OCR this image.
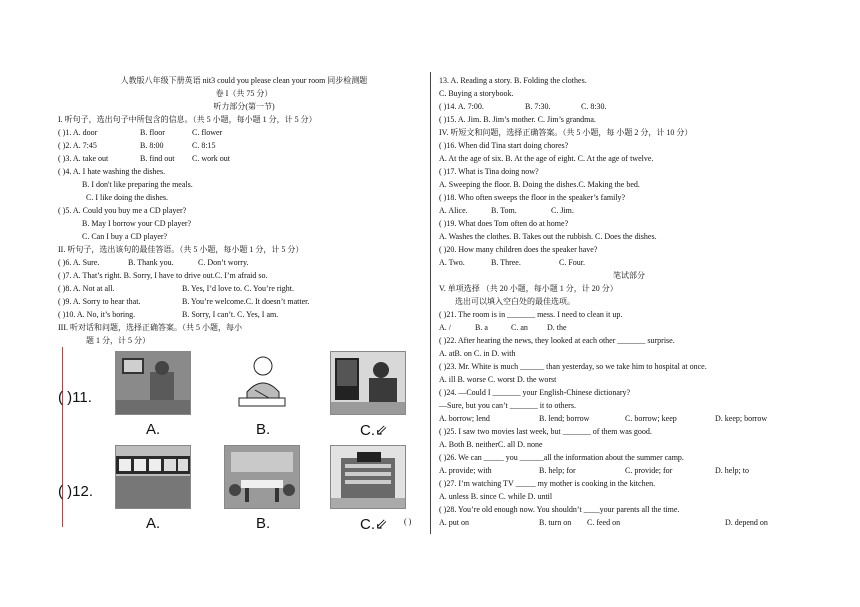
人教版八年级下册英语 nit3 could you please clean your room 同步检测题
卷 I（共 75 分）
听力部分(第一节)
I. 听句子，选出句子中所包含的信息。（共 5 小题，每小题 1 分，计 5 分）
( )1. A. door	B. floor	C. flower
( )2. A. 7:45	B. 8:00	C. 8:15
( )3. A. take out	B. find out C. work out
( )4. A. I hate washing the dishes.
B. I don't like preparing the meals.
C. I like doing the dishes.
( )5. A. Could you buy me a CD player?
B. May I borrow your CD player?
C. Can I buy a CD player?
II. 听句子，选出该句的最佳答语。（共 5 小题，每小题 1 分，计 5 分）
( )6. A. Sure.	B. Thank you.	C. Don’t worry.
( )7. A. That’s right. B. Sorry, I have to drive out.C. I’m afraid so.
( )8. A. Not at all.	B. Yes, I’d love to. C. You’re right.
( )9. A. Sorry to hear that.	B. You’re welcome.C. It doesn’t matter.
( )10. A. No, it’s boring.	B. Sorry, I can’t. C. Yes, I am.
III. 听对话和问题，选择正确答案。（共 5 小题，每小
题 1 分，计 5 分）
( )11.
A.	B.	C.⇙
( )12.
A.	B.	C.⇙ ( )
13. A. Reading a story. B. Folding the clothes.
C. Buying a storybook.
( )14. A. 7:00.	B. 7:30.	C. 8:30.
( )15. A. Jim. B. Jim’s mother. C. Jim’s grandma.
IV. 听短文和问题，选择正确答案。（共 5 小题，每 小题 2 分，计 10 分）
( )16. When did Tina start doing chores?
A. At the age of six. B. At the age of eight. C. At the age of twelve.
( )17. What is Tina doing now?
A. Sweeping the floor. B. Doing the dishes.C. Making the bed.
( )18. Who often sweeps the floor in the speaker’s family?
A. Alice.	B. Tom.	C. Jim.
( )19. What does Tom often do at home?
A. Washes the clothes. B. Takes out the rubbish. C. Does the dishes.
( )20. How many children does the speaker have?
A. Two.	B. Three.	C. Four.
笔试部分
V. 单项选择 （共 20 小题，每小题 1 分，计 20 分）
选出可以填入空白处的最佳选项。
( )21. The room is in _______ mess. I need to clean it up.
A. /	B. a	C. an D. the
( )22. After hearing the news, they looked at each other _______ surprise.
A. atB. on C. in D. with
( )23. Mr. White is much ______ than yesterday, so we take him to hospital at once.
A. ill B. worse C. worst D. the worst
( )24. —Could I _______ your English-Chinese dictionary?
—Sure, but you can’t _______ it to others.
A. borrow; lend	B. lend; borrow	C. borrow; keep	D. keep; borrow
( )25. I saw two movies last week, but _______ of them was good.
A. Both B. neitherC. all D. none
( )26. We can _____ you ______all the information about the summer camp.
A. provide; with	B. help; for	C. provide; for	D. help; to
( )27. I’m watching TV _____ my mother is cooking in the kitchen.
A. unless B. since C. while D. until
( )28. You’re old enough now. You shouldn’t ____your parents all the time.
A. put on	B. turn on C. feed on	D. depend on
